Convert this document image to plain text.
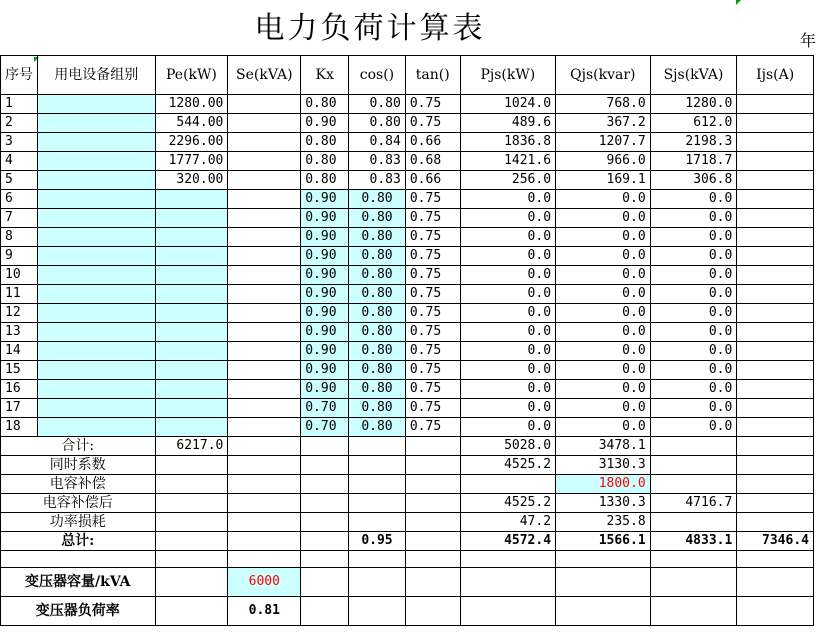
电力负荷计算表	年
序号	用电设备组别	Pe(kW)	Se(kVA)	Kx	cos()	tan()	Pjs(kW)	Qjs(kvar)	Sjs(kVA)	Ijs(A)
1		1280.00		0.80	0.80	0.75	1024.0	768.0	1280.0	
2		544.00		0.90	0.80	0.75	489.6	367.2	612.0	
3		2296.00		0.80	0.84	0.66	1836.8	1207.7	2198.3	
4		1777.00		0.80	0.83	0.68	1421.6	966.0	1718.7	
5		320.00		0.80	0.83	0.66	256.0	169.1	306.8	
6				0.90	0.80	0.75	0.0	0.0	0.0	
7				0.90	0.80	0.75	0.0	0.0	0.0	
8				0.90	0.80	0.75	0.0	0.0	0.0	
9				0.90	0.80	0.75	0.0	0.0	0.0	
10				0.90	0.80	0.75	0.0	0.0	0.0	
11				0.90	0.80	0.75	0.0	0.0	0.0	
12				0.90	0.80	0.75	0.0	0.0	0.0	
13				0.90	0.80	0.75	0.0	0.0	0.0	
14				0.90	0.80	0.75	0.0	0.0	0.0	
15				0.90	0.80	0.75	0.0	0.0	0.0	
16				0.90	0.80	0.75	0.0	0.0	0.0	
17				0.70	0.80	0.75	0.0	0.0	0.0	
18				0.70	0.80	0.75	0.0	0.0	0.0	
合计:		6217.0					5028.0	3478.1		
同时系数							4525.2	3130.3		
电容补偿								1800.0		
电容补偿后							4525.2	1330.3	4716.7	
功率损耗							47.2	235.8		
总计:					0.95		4572.4	1566.1	4833.1	7346.4

变压器容量/kVA			6000							
变压器负荷率			0.81							
